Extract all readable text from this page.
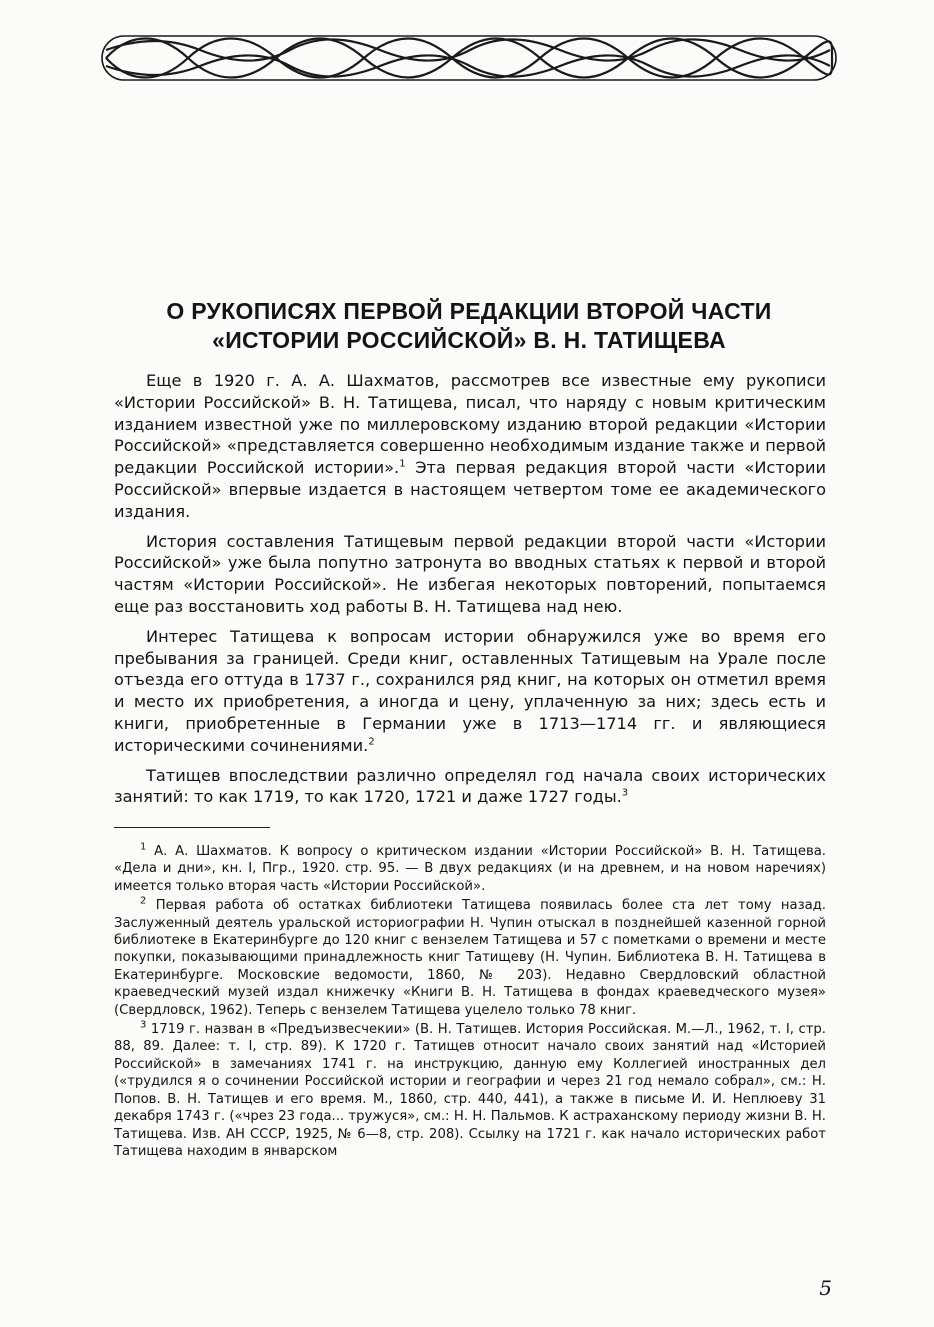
О РУКОПИСЯХ ПЕРВОЙ РЕДАКЦИИ ВТОРОЙ ЧАСТИ
«ИСТОРИИ РОССИЙСКОЙ» В. Н. ТАТИЩЕВА

Еще в 1920 г. А. А. Шахматов, рассмотрев все известные ему рукописи «Истории Российской» В. Н. Татищева, писал, что наряду с новым критическим изданием известной уже по миллеровскому изданию второй редакции «Истории Российской» «представляется совершенно необходимым издание также и первой редакции Российской истории».$^1$ Эта первая редакция второй части «Истории Российской» впервые издается в настоящем четвертом томе ее академического издания.

История составления Татищевым первой редакции второй части «Истории Российской» уже была попутно затронута во вводных статьях к первой и второй частям «Истории Российской». Не избегая некоторых повторений, попытаемся еще раз восстановить ход работы В. Н. Татищева над нею.

Интерес Татищева к вопросам истории обнаружился уже во время его пребывания за границей. Среди книг, оставленных Татищевым на Урале после отъезда его оттуда в 1737 г., сохранился ряд книг, на которых он отметил время и место их приобретения, а иногда и цену, уплаченную за них; здесь есть и книги, приобретенные в Германии уже в 1713—1714 гг. и являющиеся историческими сочинениями.$^2$

Татищев впоследствии различно определял год начала своих исторических занятий: то как 1719, то как 1720, 1721 и даже 1727 годы.$^3$

$^1$ А. А. Шахматов. К вопросу о критическом издании «Истории Российской» В. Н. Татищева. «Дела и дни», кн. I, Пгр., 1920. стр. 95. — В двух редакциях (и на древнем, и на новом наречиях) имеется только вторая часть «Истории Российской».

$^2$ Первая работа об остатках библиотеки Татищева появилась более ста лет тому назад. Заслуженный деятель уральской историографии Н. Чупин отыскал в позднейшей казенной горной библиотеке в Екатеринбурге до 120 книг с вензелем Татищева и 57 с пометками о времени и месте покупки, показывающими принадлежность книг Татищеву (Н. Чупин. Библиотека В. Н. Татищева в Екатеринбурге. Московские ведомости, 1860, № 203). Недавно Свердловский областной краеведческий музей издал книжечку «Книги В. Н. Татищева в фондах краеведческого музея» (Свердловск, 1962). Теперь с вензелем Татищева уцелело только 78 книг.

$^3$ 1719 г. назван в «Предъизвесчекии» (В. Н. Татищев. История Российская. М.—Л., 1962, т. I, стр. 88, 89. Далее: т. I, стр. 89). К 1720 г. Татищев относит начало своих занятий над «Историей Российской» в замечаниях 1741 г. на инструкцию, данную ему Коллегией иностранных дел («трудился я о сочинении Российской истории и географии и через 21 год немало собрал», см.: Н. Попов. В. Н. Татищев и его время. М., 1860, стр. 440, 441), а также в письме И. И. Неплюеву 31 декабря 1743 г. («чрез 23 года... тружуся», см.: Н. Н. Пальмов. К астраханскому периоду жизни В. Н. Татищева. Изв. АН СССР, 1925, № 6—8, стр. 208). Ссылку на 1721 г. как начало исторических работ Татищева находим в январском

5
